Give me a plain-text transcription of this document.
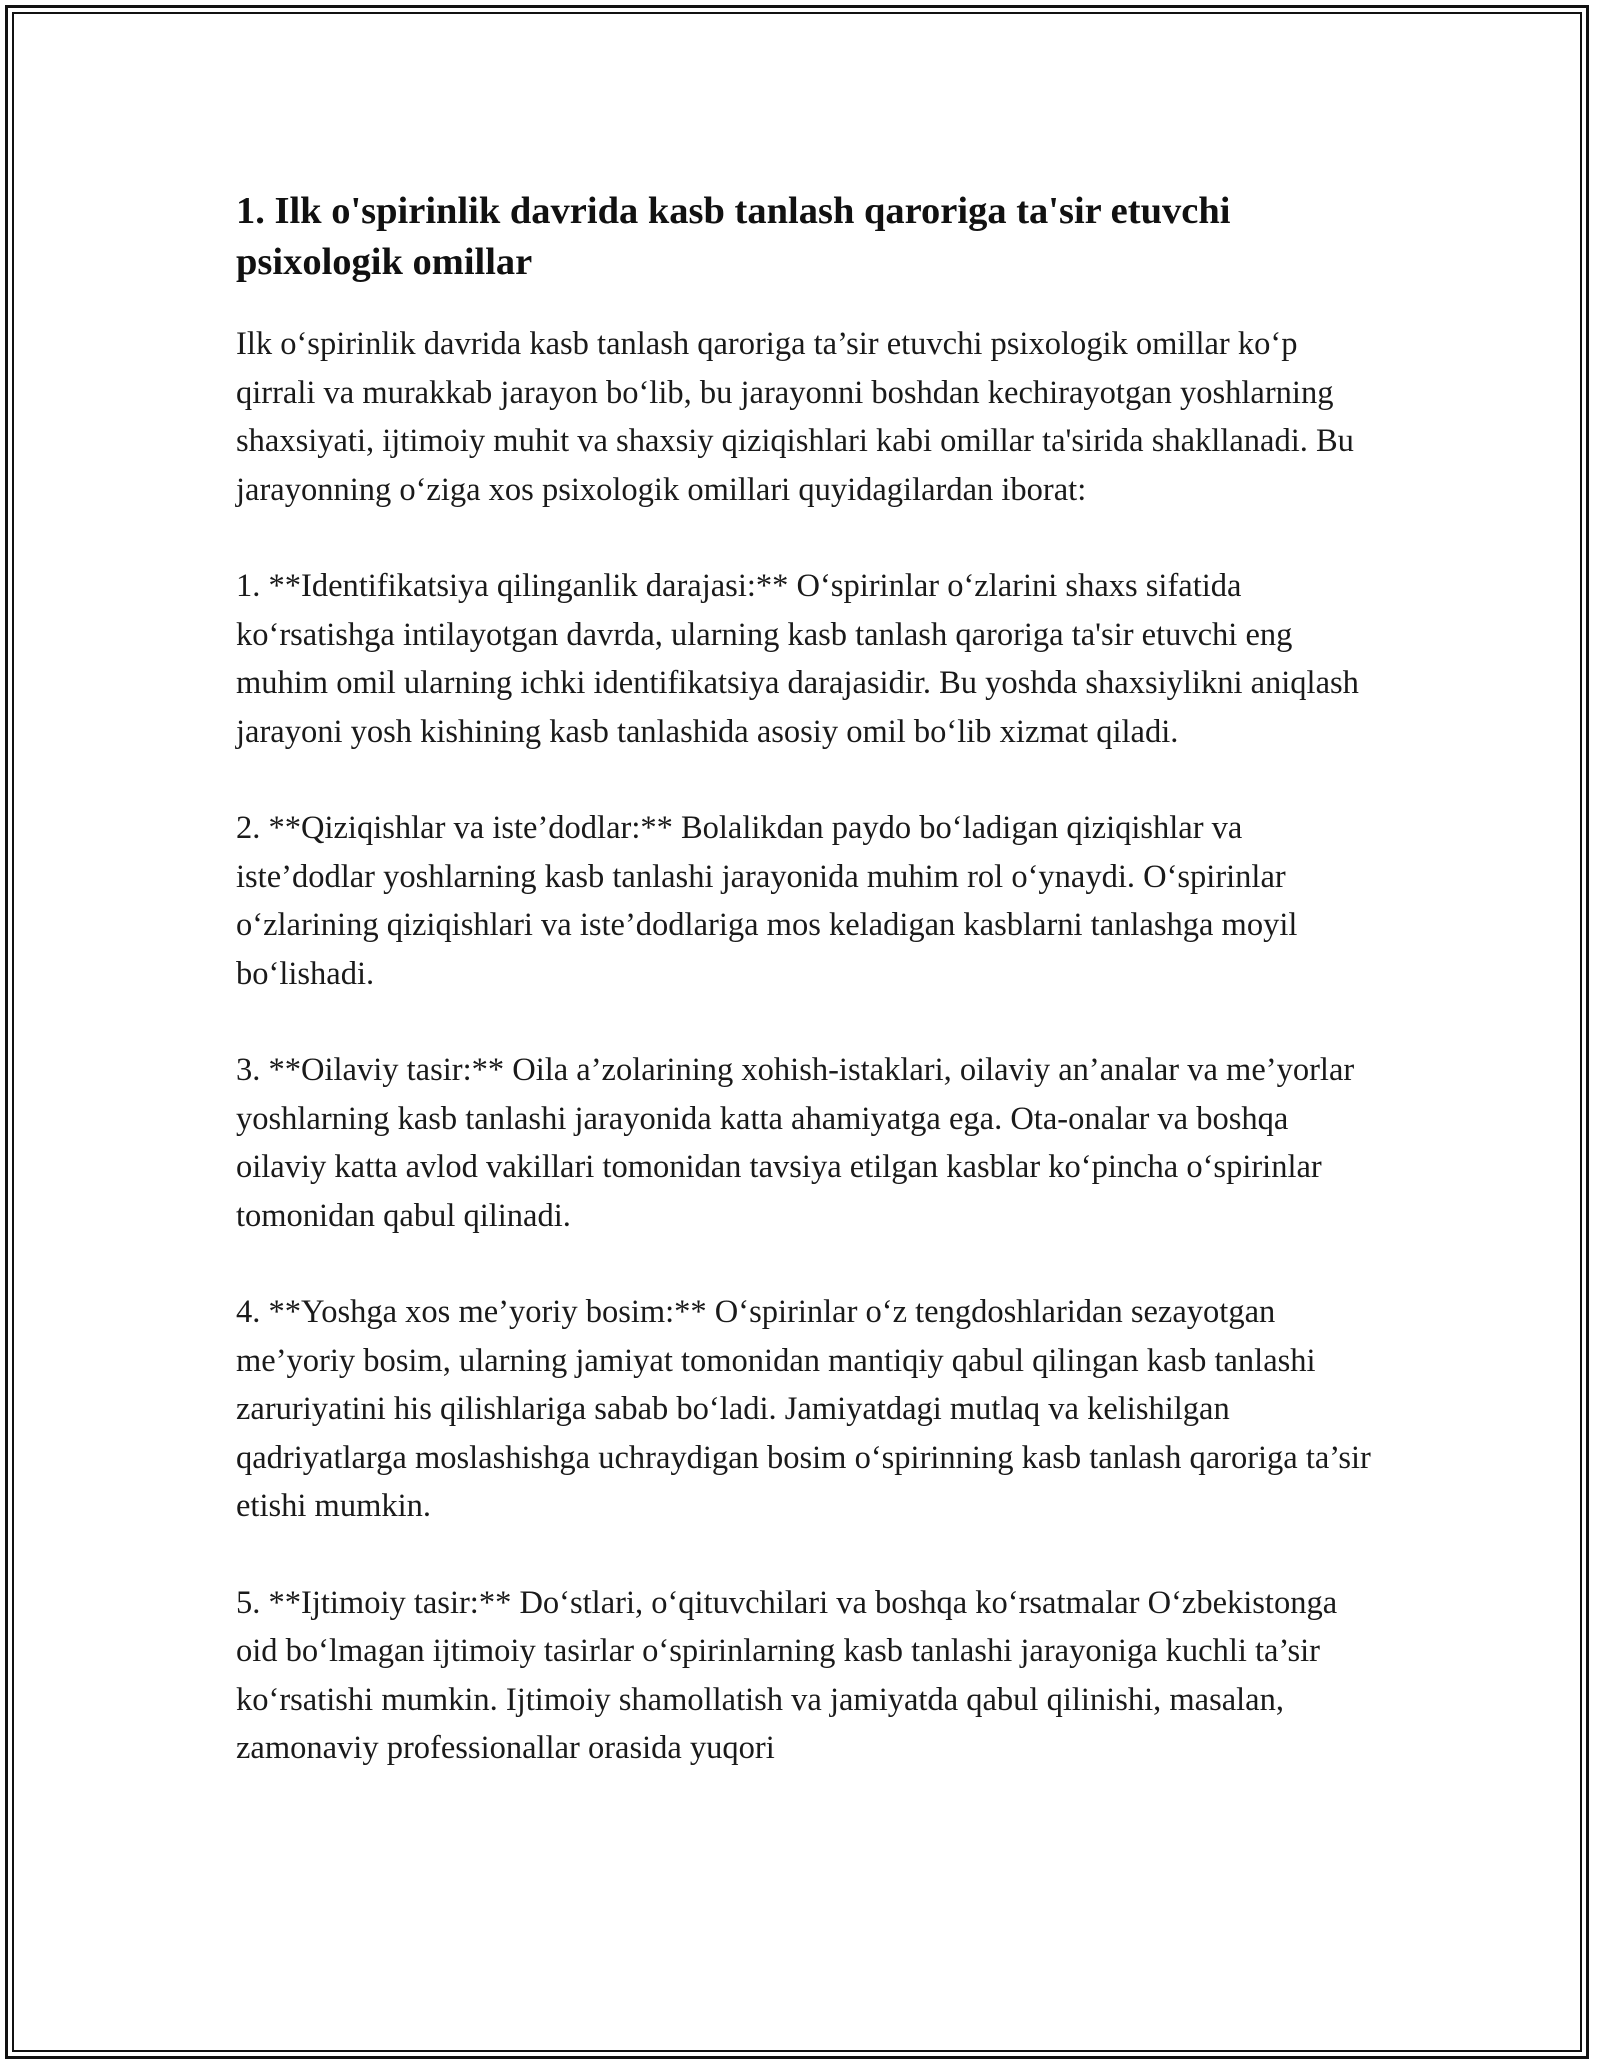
1. Ilk o'spirinlik davrida kasb tanlash qaroriga ta'sir etuvchi psixologik omillar

Ilk o‘spirinlik davrida kasb tanlash qaroriga ta’sir etuvchi psixologik omillar ko‘p qirrali va murakkab jarayon bo‘lib, bu jarayonni boshdan kechirayotgan yoshlarning shaxsiyati, ijtimoiy muhit va shaxsiy qiziqishlari kabi omillar ta'sirida shakllanadi. Bu jarayonning o‘ziga xos psixologik omillari quyidagilardan iborat:

1. **Identifikatsiya qilinganlik darajasi:** O‘spirinlar o‘zlarini shaxs sifatida ko‘rsatishga intilayotgan davrda, ularning kasb tanlash qaroriga ta'sir etuvchi eng muhim omil ularning ichki identifikatsiya darajasidir. Bu yoshda shaxsiylikni aniqlash jarayoni yosh kishining kasb tanlashida asosiy omil bo‘lib xizmat qiladi.

2. **Qiziqishlar va iste’dodlar:** Bolalikdan paydo bo‘ladigan qiziqishlar va iste’dodlar yoshlarning kasb tanlashi jarayonida muhim rol o‘ynaydi. O‘spirinlar o‘zlarining qiziqishlari va iste’dodlariga mos keladigan kasblarni tanlashga moyil bo‘lishadi.

3. **Oilaviy tasir:** Oila a’zolarining xohish-istaklari, oilaviy an’analar va me’yorlar yoshlarning kasb tanlashi jarayonida katta ahamiyatga ega. Ota-onalar va boshqa oilaviy katta avlod vakillari tomonidan tavsiya etilgan kasblar ko‘pincha o‘spirinlar tomonidan qabul qilinadi.

4. **Yoshga xos me’yoriy bosim:** O‘spirinlar o‘z tengdoshlaridan sezayotgan me’yoriy bosim, ularning jamiyat tomonidan mantiqiy qabul qilingan kasb tanlashi zaruriyatini his qilishlariga sabab bo‘ladi. Jamiyatdagi mutlaq va kelishilgan qadriyatlarga moslashishga uchraydigan bosim o‘spirinning kasb tanlash qaroriga ta’sir etishi mumkin.

5. **Ijtimoiy tasir:** Do‘stlari, o‘qituvchilari va boshqa ko‘rsatmalar O‘zbekistonga oid bo‘lmagan ijtimoiy tasirlar o‘spirinlarning kasb tanlashi jarayoniga kuchli ta’sir ko‘rsatishi mumkin. Ijtimoiy shamollatish va jamiyatda qabul qilinishi, masalan, zamonaviy professionallar orasida yuqori
